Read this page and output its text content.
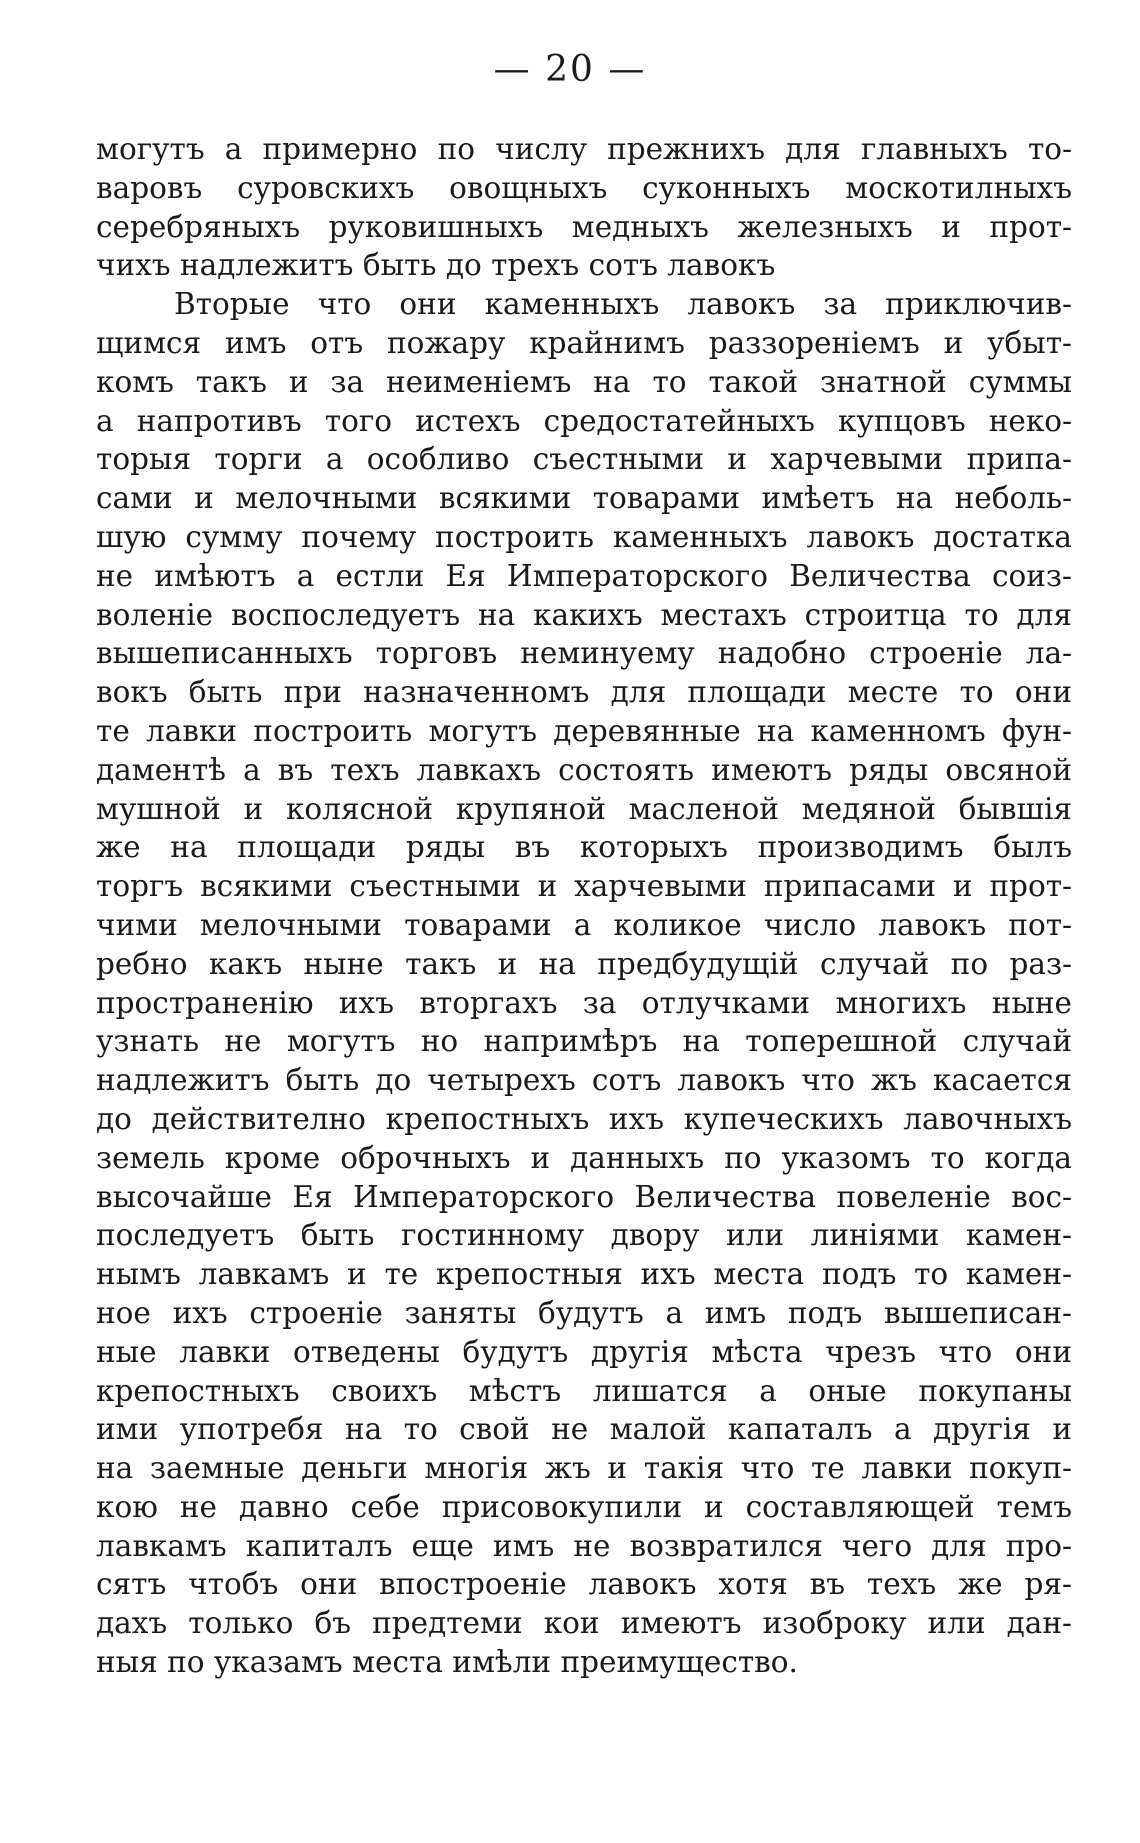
— 20 —
могутъ а примерно по числу прежнихъ для главныхъ то-
варовъ суровскихъ овощныхъ суконныхъ москотилныхъ
серебряныхъ руковишныхъ медныхъ железныхъ и прот-
чихъ надлежитъ быть до трехъ сотъ лавокъ
Вторые что они каменныхъ лавокъ за приключив-
щимся имъ отъ пожару крайнимъ раззореніемъ и убыт-
комъ такъ и за неименіемъ на то такой знатной суммы
а напротивъ того истехъ средостатейныхъ купцовъ неко-
торыя торги а особливо съестными и харчевыми припа-
сами и мелочными всякими товарами имѣетъ на неболь-
шую сумму почему построить каменныхъ лавокъ достатка
не имѣютъ а естли Ея Императорского Величества соиз-
воленіе воспоследуетъ на какихъ местахъ строитца то для
вышеписанныхъ торговъ неминуему надобно строеніе ла-
вокъ быть при назначенномъ для площади месте то они
те лавки построить могутъ деревянные на каменномъ фун-
даментѣ а въ техъ лавкахъ состоять имеютъ ряды овсяной
мушной и колясной крупяной масленой медяной бывшія
же на площади ряды въ которыхъ производимъ былъ
торгъ всякими съестными и харчевыми припасами и прот-
чими мелочными товарами а коликое число лавокъ пот-
ребно какъ ныне такъ и на предбудущій случай по раз-
пространенію ихъ вторгахъ за отлучками многихъ ныне
узнать не могутъ но напримѣръ на топерешной случай
надлежитъ быть до четырехъ сотъ лавокъ что жъ касается
до действително крепостныхъ ихъ купеческихъ лавочныхъ
земель кроме оброчныхъ и данныхъ по указомъ то когда
высочайше Ея Императорского Величества повеленіе вос-
последуетъ быть гостинному двору или линіями камен-
нымъ лавкамъ и те крепостныя ихъ места подъ то камен-
ное ихъ строеніе заняты будутъ а имъ подъ вышеписан-
ные лавки отведены будутъ другія мѣста чрезъ что они
крепостныхъ своихъ мѣстъ лишатся а оные покупаны
ими употребя на то свой не малой капаталъ а другія и
на заемные деньги многія жъ и такія что те лавки покуп-
кою не давно себе присовокупили и составляющей темъ
лавкамъ капиталъ еще имъ не возвратился чего для про-
сятъ чтобъ они впостроеніе лавокъ хотя въ техъ же ря-
дахъ только бъ предтеми кои имеютъ изоброку или дан-
ныя по указамъ места имѣли преимущество.
